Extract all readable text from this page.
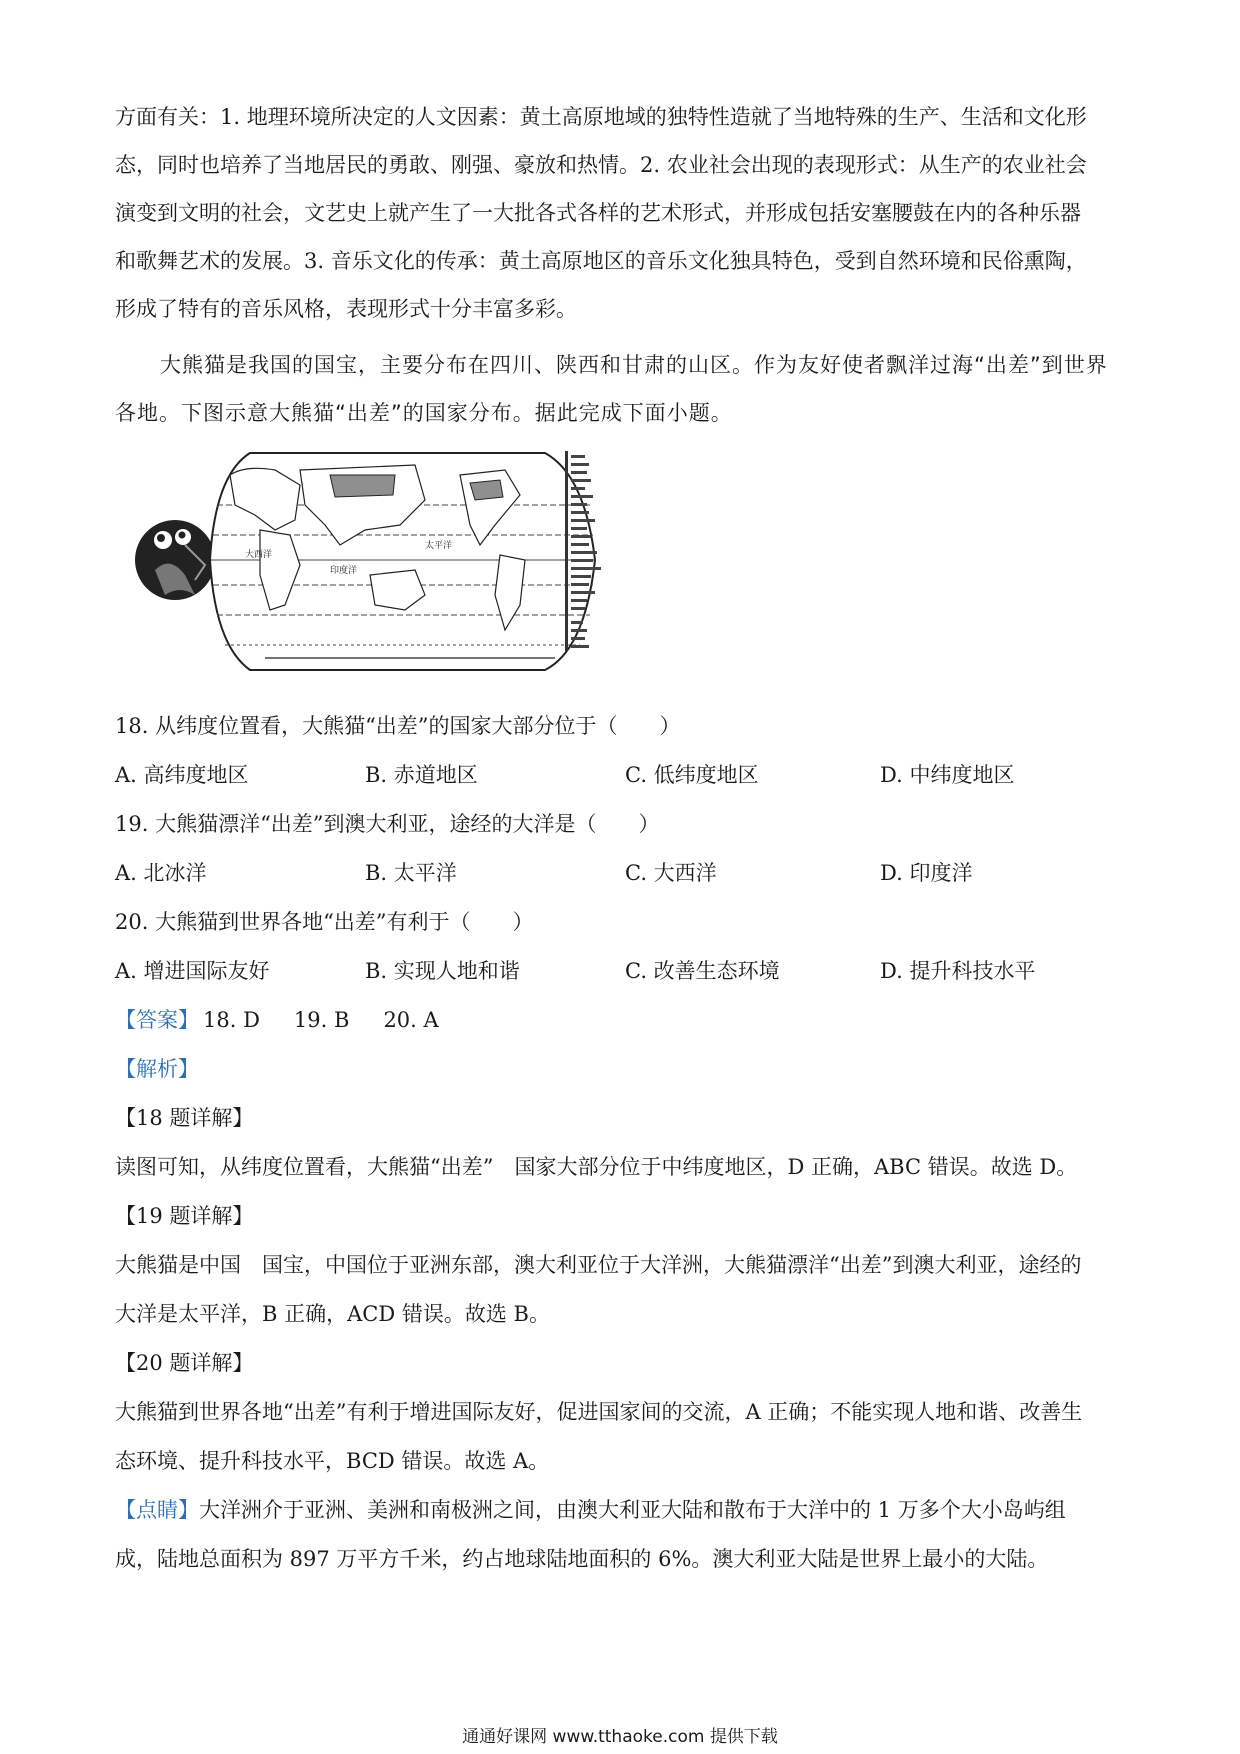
方面有关：1. 地理环境所决定的人文因素：黄土高原地域的独特性造就了当地特殊的生产、生活和文化形
态，同时也培养了当地居民的勇敢、刚强、豪放和热情。2. 农业社会出现的表现形式：从生产的农业社会
演变到文明的社会，文艺史上就产生了一大批各式各样的艺术形式，并形成包括安塞腰鼓在内的各种乐器
和歌舞艺术的发展。3. 音乐文化的传承：黄土高原地区的音乐文化独具特色，受到自然环境和民俗熏陶，
形成了特有的音乐风格，表现形式十分丰富多彩。
大熊猫是我国的国宝，主要分布在四川、陕西和甘肃的山区。作为友好使者飘洋过海“出差”到世界
各地。下图示意大熊猫“出差”的国家分布。据此完成下面小题。
太平洋
大西洋
印度洋
18. 从纬度位置看，大熊猫“出差”的国家大部分位于（　　）
A. 高纬度地区	B. 赤道地区	C. 低纬度地区	D. 中纬度地区
19. 大熊猫漂洋“出差”到澳大利亚，途经的大洋是（　　）
A. 北冰洋	B. 太平洋	C. 大西洋	D. 印度洋
20. 大熊猫到世界各地“出差”有利于（　　）
A. 增进国际友好	B. 实现人地和谐	C. 改善生态环境	D. 提升科技水平
【答案】 18. D 19. B 20. A
【解析】
【18 题详解】
读图可知，从纬度位置看，大熊猫“出差”　国家大部分位于中纬度地区，D 正确，ABC 错误。故选 D。
【19 题详解】
大熊猫是中国　国宝，中国位于亚洲东部，澳大利亚位于大洋洲，大熊猫漂洋“出差”到澳大利亚，途经的
大洋是太平洋，B 正确，ACD 错误。故选 B。
【20 题详解】
大熊猫到世界各地“出差”有利于增进国际友好，促进国家间的交流，A 正确；不能实现人地和谐、改善生
态环境、提升科技水平，BCD 错误。故选 A。
【点睛】大洋洲介于亚洲、美洲和南极洲之间，由澳大利亚大陆和散布于大洋中的 1 万多个大小岛屿组
成，陆地总面积为 897 万平方千米，约占地球陆地面积的 6%。澳大利亚大陆是世界上最小的大陆。
通通好课网 www.tthaoke.com 提供下载
